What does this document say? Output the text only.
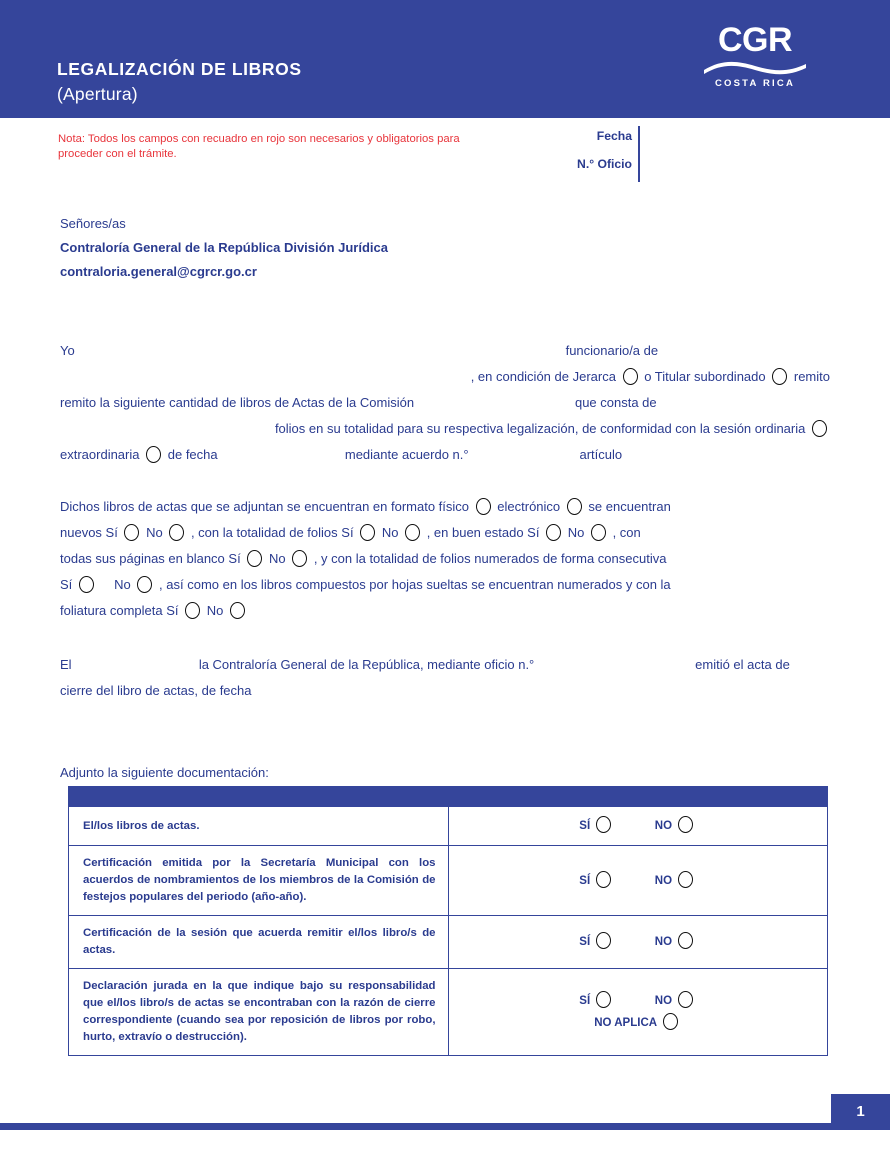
LEGALIZACIÓN DE LIBROS

(Apertura)

CGR
COSTA RICA
Nota: Todos los campos con recuadro en rojo son necesarios y obligatorios para proceder con el trámite.
Fecha
N.° Oficio
Señores/as
Contraloría General de la República División Jurídica
contraloria.general@cgrcr.go.cr
Yo	funcionario/a de
, en condición de Jerarca o Titular subordinado remito
remito la siguiente cantidad de libros de Actas de la Comisión	que consta de
folios en su totalidad para su respectiva legalización, de conformidad con la sesión ordinaria
extraordinaria de fecha	mediante acuerdo n.°	artículo
Dichos libros de actas que se adjuntan se encuentran en formato físico electrónico se encuentran
nuevos Sí No , con la totalidad de folios Sí No , en buen estado Sí No , con
todas sus páginas en blanco Sí No , y con la totalidad de folios numerados de forma consecutiva
Sí	No , así como en los libros compuestos por hojas sueltas se encuentran numerados y con la
foliatura completa Sí No
El	la Contraloría General de la República, mediante oficio n.°	emitió el acta de
cierre del libro de actas, de fecha
Adjunto la siguiente documentación:

El/los libros de actas.	SÍ NO

Certificación emitida por la Secretaría Municipal con los acuerdos de nombramientos de los miembros de la Comisión de festejos populares del periodo (año-año).	SÍ NO

Certificación de la sesión que acuerda remitir el/los libro/s de actas.	SÍ NO

Declaración jurada en la que indique bajo su responsabilidad que el/los libro/s de actas se encontraban con la razón de cierre correspondiente (cuando sea por reposición de libros por robo, hurto, extravío o destrucción).	SÍ NO
NO APLICA
1
